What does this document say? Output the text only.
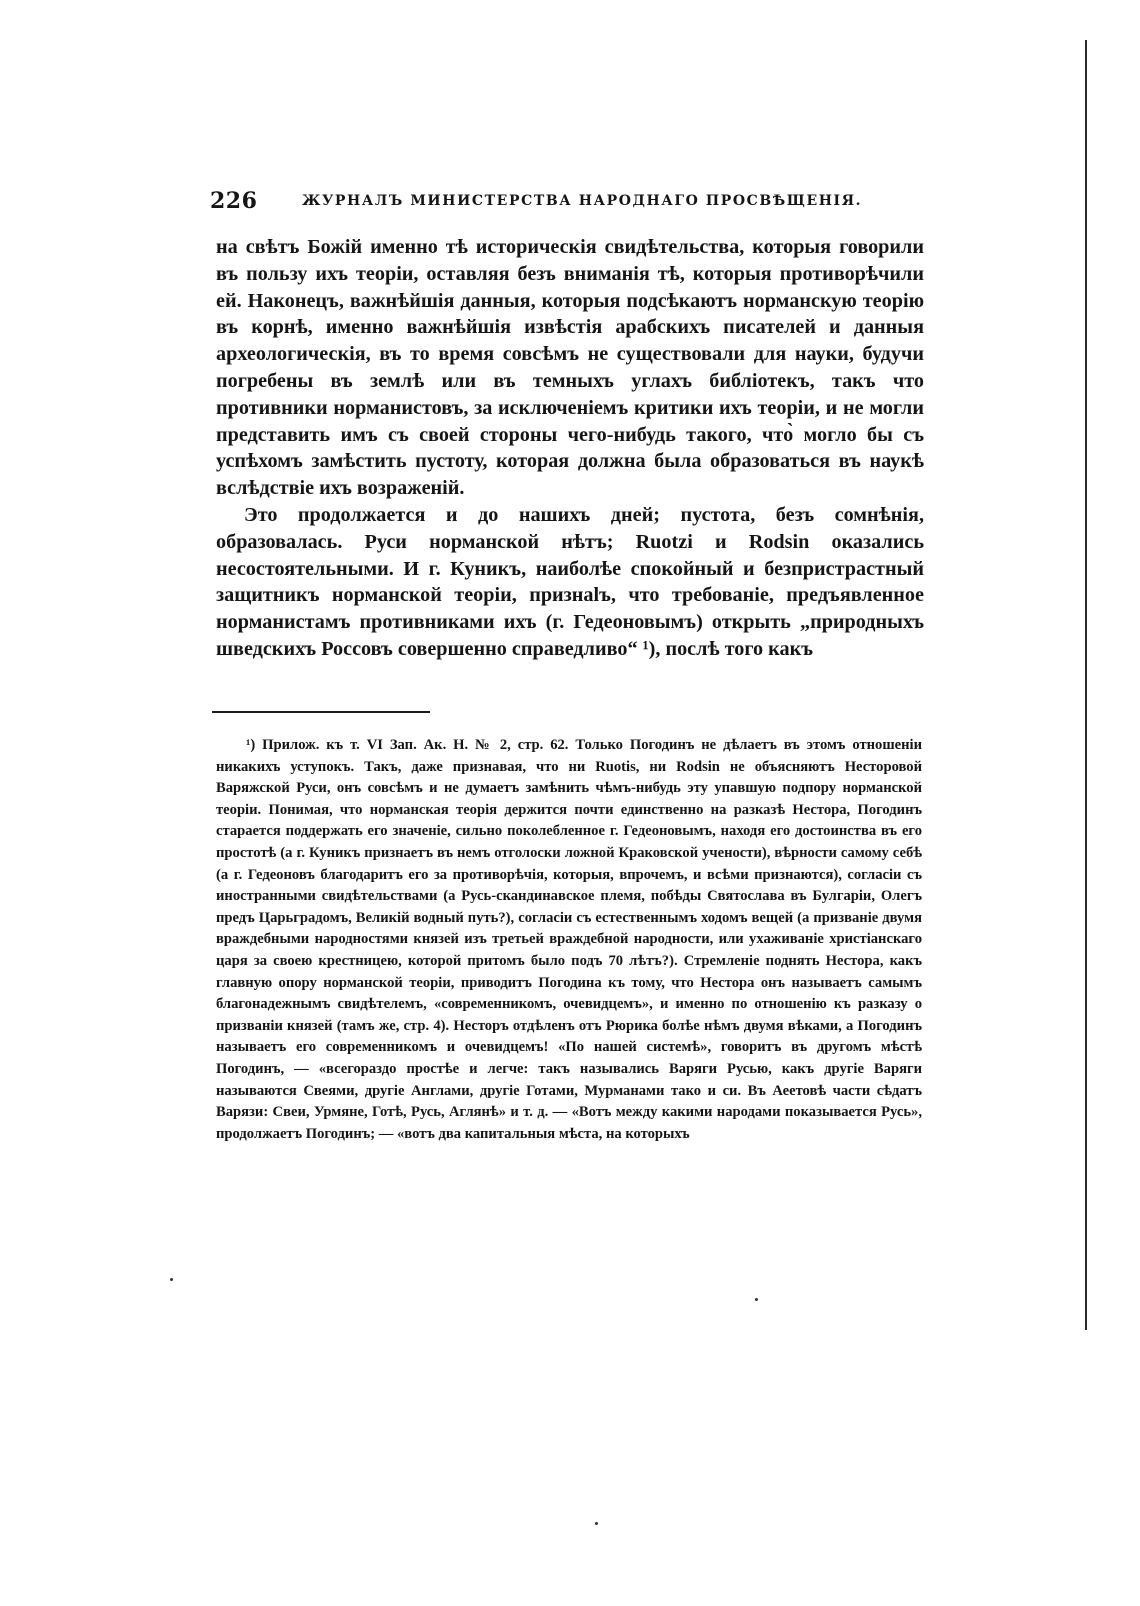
226	ЖУРНАЛЪ МИНИСТЕРСТВА НАРОДНАГО ПРОСВѢЩЕНІЯ.

на свѣтъ Божій именно тѣ историческія свидѣтельства, которыя говорили въ пользу ихъ теоріи, оставляя безъ вниманія тѣ, которыя противорѣчили ей. Наконецъ, важнѣйшія данныя, которыя подсѣкаютъ норманскую теорію въ корнѣ, именно важнѣйшія извѣстія арабскихъ писателей и данныя археологическія, въ то время совсѣмъ не существовали для науки, будучи погребены въ землѣ или въ темныхъ углахъ библіотекъ, такъ что противники норманистовъ, за исключеніемъ критики ихъ теоріи, и не могли представить имъ съ своей стороны чего-нибудь такого, что̀ могло бы съ успѣхомъ замѣстить пустоту, которая должна была образоваться въ наукѣ вслѣдствіе ихъ возраженій.

Это продолжается и до нашихъ дней; пустота, безъ сомнѣнія, образовалась. Руси норманской нѣтъ; Ruotzi и Rodsin оказались несостоятельными. И г. Куникъ, наиболѣе спокойный и безпристрастный защитникъ норманской теоріи, признalъ, что требованіе, предъявленное норманистамъ противниками ихъ (г. Гедеоновымъ) открыть „природныхъ шведскихъ Россовъ совершенно справедливо“ ¹), послѣ того какъ

¹) Прилож. къ т. VI Зап. Ак. Н. № 2, стр. 62. Только Погодинъ не дѣлаетъ въ этомъ отношеніи никакихъ уступокъ. Такъ, даже признавая, что ни Ruotis, ни Rodsin не объясняютъ Несторовой Варяжской Руси, онъ совсѣмъ и не думаетъ замѣнить чѣмъ-нибудь эту упавшую подпору норманской теоріи. Понимая, что норманская теорія держится почти единственно на разказѣ Нестора, Погодинъ старается поддержать его значеніе, сильно поколебленное г. Гедеоновымъ, находя его достоинства въ его простотѣ (а г. Куникъ признаетъ въ немъ отголоски ложной Краковской учености), вѣрности самому себѣ (а г. Гедеоновъ благодаритъ его за противорѣчія, которыя, впрочемъ, и всѣми признаются), согласіи съ иностранными свидѣтельствами (а Русь-скандинавское племя, побѣды Святослава въ Булгаріи, Олегъ предъ Царьградомъ, Великій водный путь?), согласіи съ естественнымъ ходомъ вещей (а призваніе двумя враждебными народностями князей изъ третьей враждебной народности, или ухаживаніе христіанскаго царя за своею крестницею, которой притомъ было подъ 70 лѣтъ?). Стремленіе поднять Нестора, какъ главную опору норманской теоріи, приводитъ Погодина къ тому, что Нестора онъ называетъ самымъ благонадежнымъ свидѣтелемъ, «современникомъ, очевидцемъ», и именно по отношенію къ разказу о призваніи князей (тамъ же, стр. 4). Несторъ отдѣленъ отъ Рюрика болѣе нѣмъ двумя вѣками, а Погодинъ называетъ его современникомъ и очевидцемъ! «По нашей системѣ», говоритъ въ другомъ мѣстѣ Погодинъ, — «всегораздо простѣе и легче: такъ назывались Варяги Русью, какъ другіе Варяги называются Свеями, другіе Англами, другіе Готами, Мурманами тако и си. Въ Аеетовѣ части сѣдатъ Варязи: Свеи, Урмяне, Готѣ, Русь, Аглянѣ» и т. д. — «Вотъ между какими народами показывается Русь», продолжаетъ Погодинъ; — «вотъ два капитальныя мѣста, на которыхъ
